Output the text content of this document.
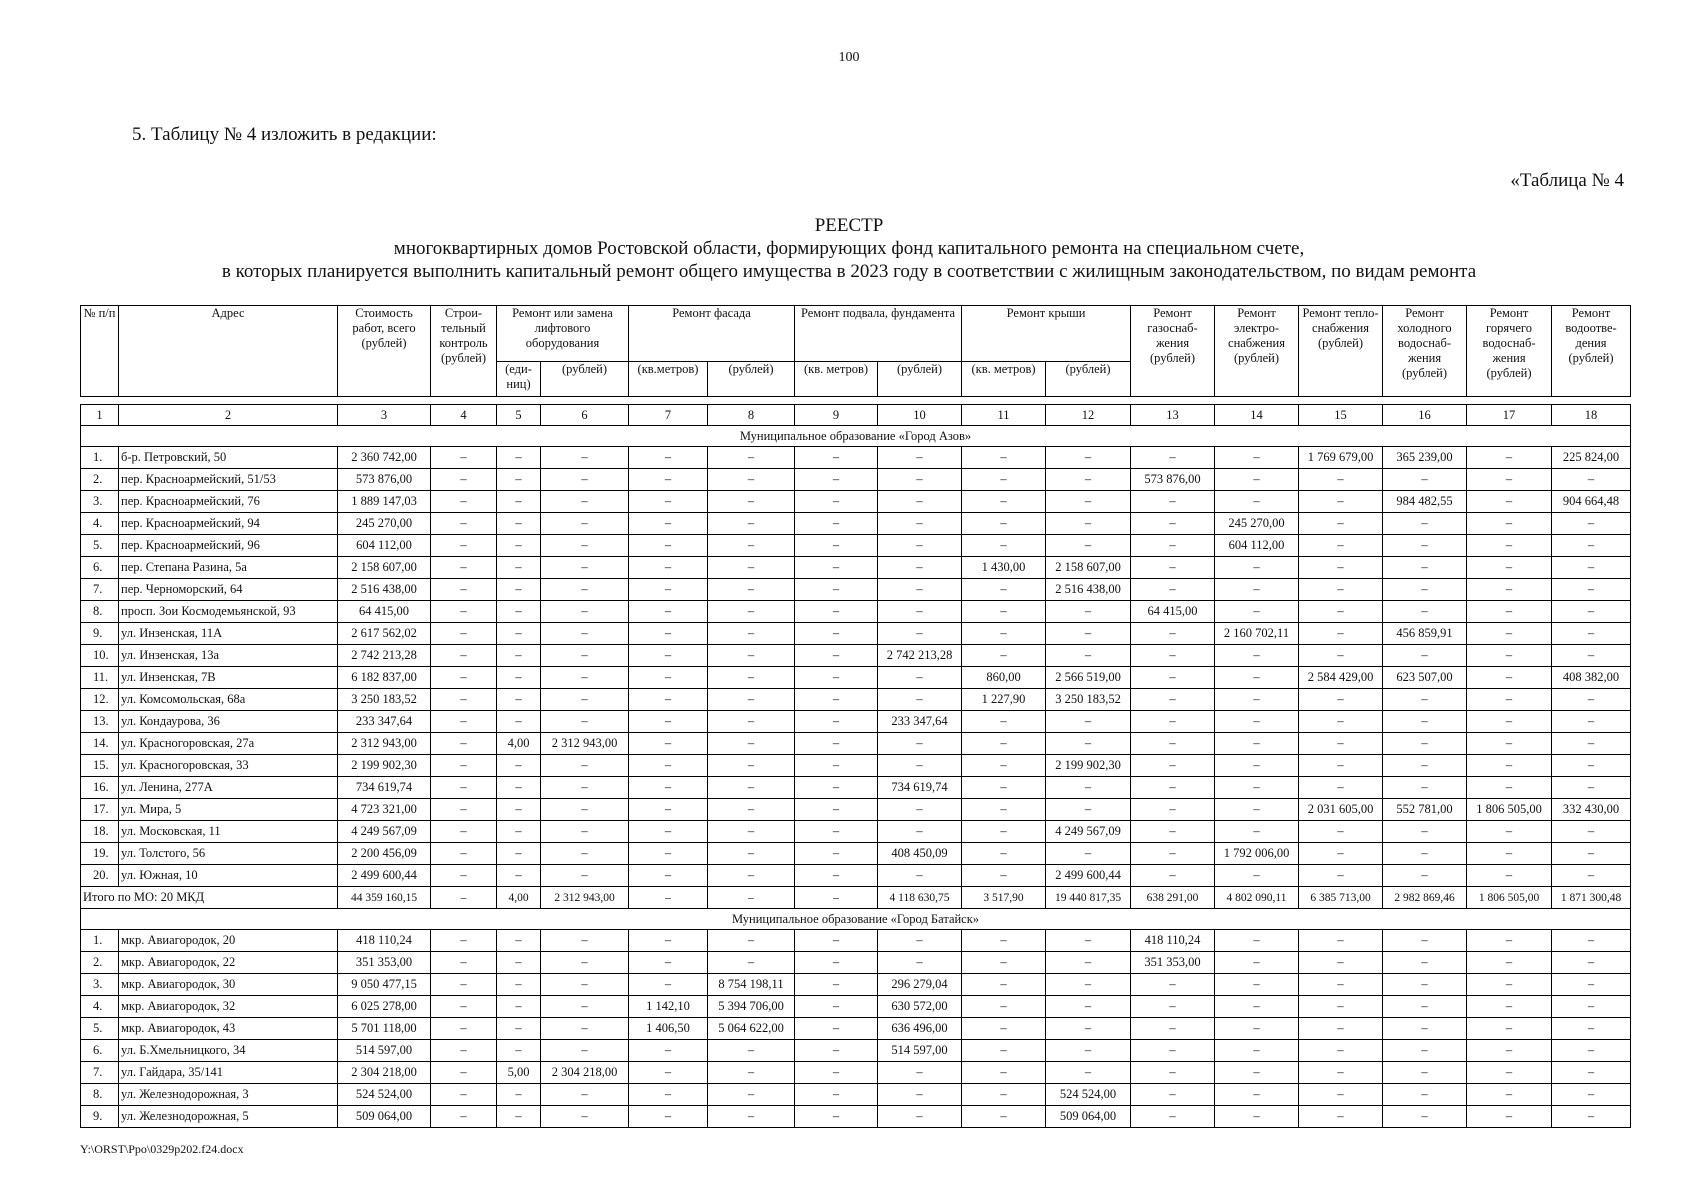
100
5. Таблицу № 4 изложить в редакции:
«Таблица № 4
РЕЕСТР
многоквартирных домов Ростовской области, формирующих фонд капитального ремонта на специальном счете,
в которых планируется выполнить капитальный ремонт общего имущества в 2023 году в соответствии с жилищным законодательством, по видам ремонта
№ п/п	Адрес	Стоимость работ, всего (рублей)	Строи-тельный контроль (рублей)	Ремонт или замена лифтового оборудования		Ремонт фасада		Ремонт подвала, фундамента		Ремонт крыши		Ремонт газоснаб-жения (рублей)	Ремонт электро-снабжения (рублей)	Ремонт тепло-снабжения (рублей)	Ремонт холодного водоснаб-жения (рублей)	Ремонт горячего водоснаб-жения (рублей)	Ремонт водоотве-дения (рублей)
				(еди-ниц)	(рублей)	(кв.метров)	(рублей)	(кв. метров)	(рублей)	(кв. метров)	(рублей)						

1	2	3	4	5	6	7	8	9	10	11	12	13	14	15	16	17	18
Муниципальное образование «Город Азов»																	
1.	б-р. Петровский, 50	2 360 742,00	–	–	–	–	–	–	–	–	–	–	–	1 769 679,00	365 239,00	–	225 824,00
2.	пер. Красноармейский, 51/53	573 876,00	–	–	–	–	–	–	–	–	–	573 876,00	–	–	–	–	–
3.	пер. Красноармейский, 76	1 889 147,03	–	–	–	–	–	–	–	–	–	–	–	–	984 482,55	–	904 664,48
4.	пер. Красноармейский, 94	245 270,00	–	–	–	–	–	–	–	–	–	–	245 270,00	–	–	–	–
5.	пер. Красноармейский, 96	604 112,00	–	–	–	–	–	–	–	–	–	–	604 112,00	–	–	–	–
6.	пер. Степана Разина, 5а	2 158 607,00	–	–	–	–	–	–	–	1 430,00	2 158 607,00	–	–	–	–	–	–
7.	пер. Черноморский, 64	2 516 438,00	–	–	–	–	–	–	–	–	2 516 438,00	–	–	–	–	–	–
8.	просп. Зои Космодемьянской, 93	64 415,00	–	–	–	–	–	–	–	–	–	64 415,00	–	–	–	–	–
9.	ул. Инзенская, 11А	2 617 562,02	–	–	–	–	–	–	–	–	–	–	2 160 702,11	–	456 859,91	–	–
10.	ул. Инзенская, 13а	2 742 213,28	–	–	–	–	–	–	2 742 213,28	–	–	–	–	–	–	–	–
11.	ул. Инзенская, 7В	6 182 837,00	–	–	–	–	–	–	–	860,00	2 566 519,00	–	–	2 584 429,00	623 507,00	–	408 382,00
12.	ул. Комсомольская, 68а	3 250 183,52	–	–	–	–	–	–	–	1 227,90	3 250 183,52	–	–	–	–	–	–
13.	ул. Кондаурова, 36	233 347,64	–	–	–	–	–	–	233 347,64	–	–	–	–	–	–	–	–
14.	ул. Красногоровская, 27а	2 312 943,00	–	4,00	2 312 943,00	–	–	–	–	–	–	–	–	–	–	–	–
15.	ул. Красногоровская, 33	2 199 902,30	–	–	–	–	–	–	–	–	2 199 902,30	–	–	–	–	–	–
16.	ул. Ленина, 277А	734 619,74	–	–	–	–	–	–	734 619,74	–	–	–	–	–	–	–	–
17.	ул. Мира, 5	4 723 321,00	–	–	–	–	–	–	–	–	–	–	–	2 031 605,00	552 781,00	1 806 505,00	332 430,00
18.	ул. Московская, 11	4 249 567,09	–	–	–	–	–	–	–	–	4 249 567,09	–	–	–	–	–	–
19.	ул. Толстого, 56	2 200 456,09	–	–	–	–	–	–	408 450,09	–	–	–	1 792 006,00	–	–	–	–
20.	ул. Южная, 10	2 499 600,44	–	–	–	–	–	–	–	–	2 499 600,44	–	–	–	–	–	–
Итого по МО: 20 МКД		44 359 160,15	–	4,00	2 312 943,00	–	–	–	4 118 630,75	3 517,90	19 440 817,35	638 291,00	4 802 090,11	6 385 713,00	2 982 869,46	1 806 505,00	1 871 300,48
Муниципальное образование «Город Батайск»																	
1.	мкр. Авиагородок, 20	418 110,24	–	–	–	–	–	–	–	–	–	418 110,24	–	–	–	–	–
2.	мкр. Авиагородок, 22	351 353,00	–	–	–	–	–	–	–	–	–	351 353,00	–	–	–	–	–
3.	мкр. Авиагородок, 30	9 050 477,15	–	–	–	–	8 754 198,11	–	296 279,04	–	–	–	–	–	–	–	–
4.	мкр. Авиагородок, 32	6 025 278,00	–	–	–	1 142,10	5 394 706,00	–	630 572,00	–	–	–	–	–	–	–	–
5.	мкр. Авиагородок, 43	5 701 118,00	–	–	–	1 406,50	5 064 622,00	–	636 496,00	–	–	–	–	–	–	–	–
6.	ул. Б.Хмельницкого, 34	514 597,00	–	–	–	–	–	–	514 597,00	–	–	–	–	–	–	–	–
7.	ул. Гайдара, 35/141	2 304 218,00	–	5,00	2 304 218,00	–	–	–	–	–	–	–	–	–	–	–	–
8.	ул. Железнодорожная, 3	524 524,00	–	–	–	–	–	–	–	–	524 524,00	–	–	–	–	–	–
9.	ул. Железнодорожная, 5	509 064,00	–	–	–	–	–	–	–	–	509 064,00	–	–	–	–	–	–
Y:\ORST\Ppo\0329p202.f24.docx
